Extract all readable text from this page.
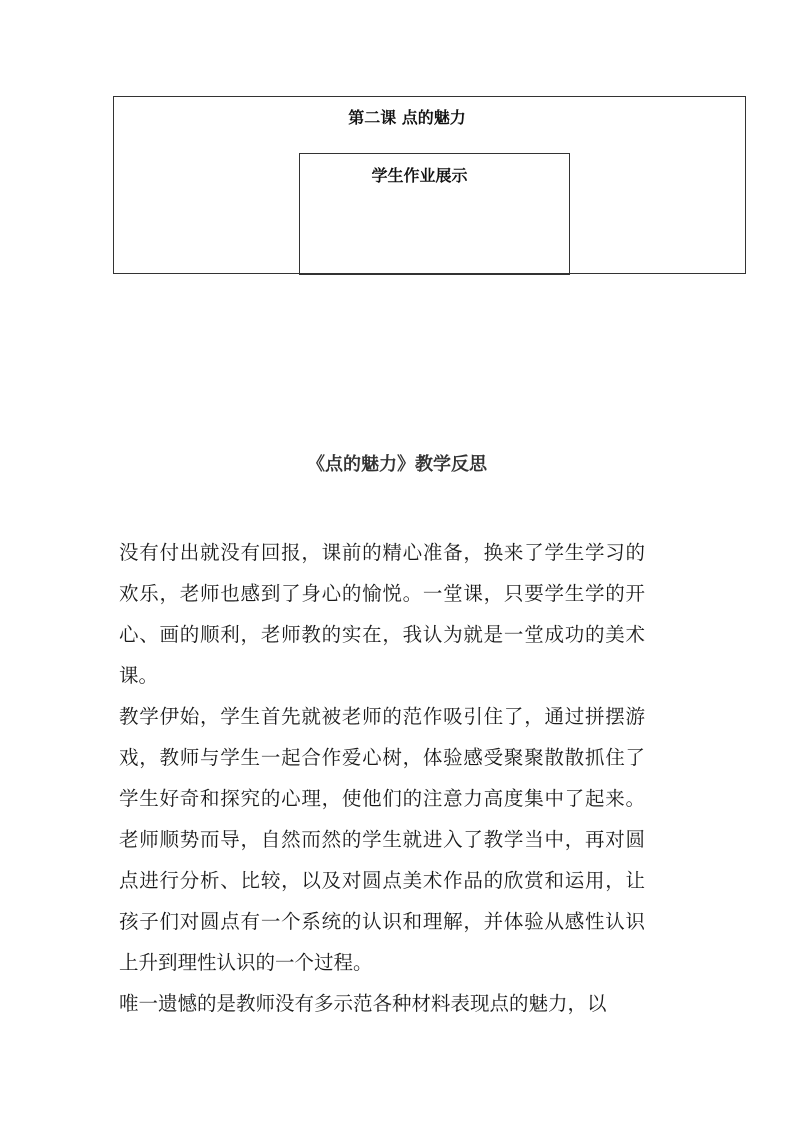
第二课 点的魅力
学生作业展示
《点的魅力》教学反思

没有付出就没有回报，课前的精心准备，换来了学生学习的欢乐，老师也感到了身心的愉悦。一堂课，只要学生学的开心、画的顺利，老师教的实在，我认为就是一堂成功的美术课。

教学伊始，学生首先就被老师的范作吸引住了，通过拼摆游戏，教师与学生一起合作爱心树，体验感受聚聚散散抓住了学生好奇和探究的心理，使他们的注意力高度集中了起来。老师顺势而导，自然而然的学生就进入了教学当中，再对圆点进行分析、比较，以及对圆点美术作品的欣赏和运用，让孩子们对圆点有一个系统的认识和理解，并体验从感性认识上升到理性认识的一个过程。

唯一遗憾的是教师没有多示范各种材料表现点的魅力，以
